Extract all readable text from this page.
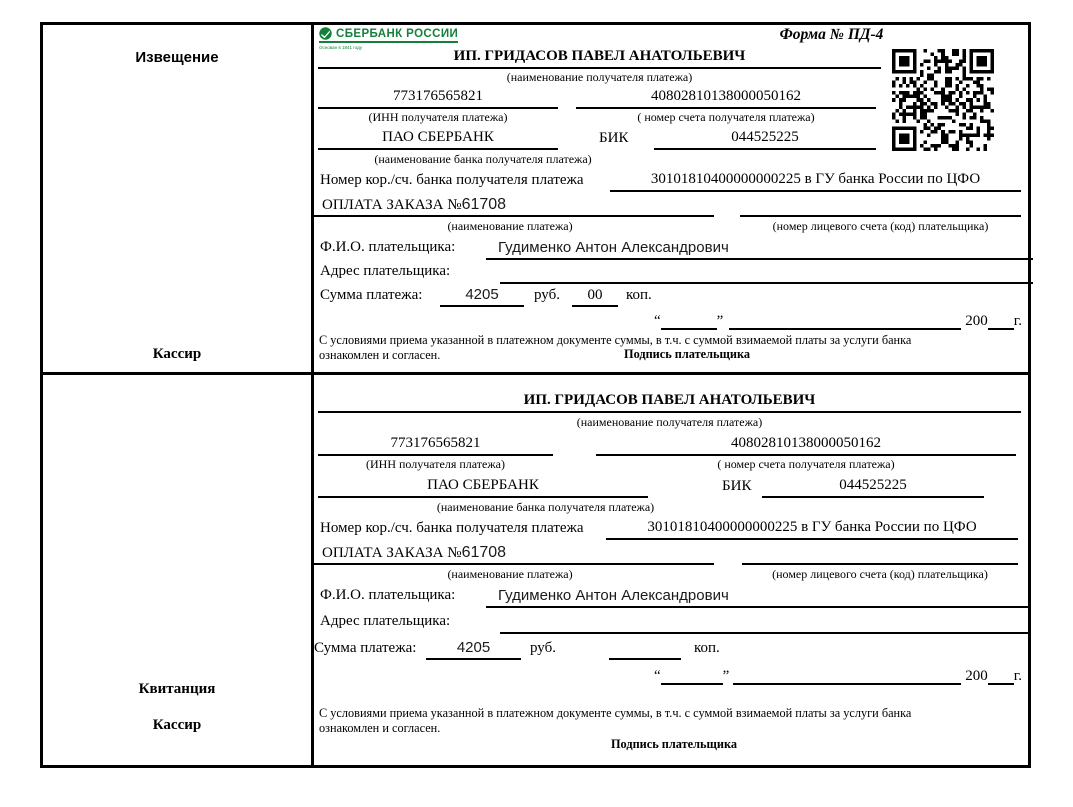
Извещение
Кассир
СБЕРБАНК РОССИИ
Основан в 1841 году
Форма № ПД-4
ИП. ГРИДАСОВ ПАВЕЛ АНАТОЛЬЕВИЧ
(наименование получателя платежа)
773176565821	40802810138000050162
(ИНН получателя платежа)	( номер счета получателя платежа)
ПАО СБЕРБАНК	БИК	044525225
(наименование банка получателя платежа)
Номер кор./сч. банка получателя платежа	30101810400000000225 в ГУ банка России по ЦФО
ОПЛАТА ЗАКАЗА №61708
(наименование платежа)	(номер лицевого счета (код) плательщика)
Ф.И.О. плательщика:	Гудименко Антон Александрович
Адрес плательщика:
Сумма платежа:	4205	руб.	00	коп.
“	”	200 г.
С условиями приема указанной в платежном документе суммы, в т.ч. с суммой взимаемой платы за услуги банка
ознакомлен и согласен.	Подпись плательщика
Квитанция
Кассир
ИП. ГРИДАСОВ ПАВЕЛ АНАТОЛЬЕВИЧ
(наименование получателя платежа)
773176565821	40802810138000050162
(ИНН получателя платежа)	( номер счета получателя платежа)
ПАО СБЕРБАНК	БИК	044525225
(наименование банка получателя платежа)
Номер кор./сч. банка получателя платежа	30101810400000000225 в ГУ банка России по ЦФО
ОПЛАТА ЗАКАЗА №61708
(наименование платежа)	(номер лицевого счета (код) плательщика)
Ф.И.О. плательщика:	Гудименко Антон Александрович
Адрес плательщика:
Сумма платежа:	4205	руб.	коп.
“	”	200 г.
С условиями приема указанной в платежном документе суммы, в т.ч. с суммой взимаемой платы за услуги банка
ознакомлен и согласен.
Подпись плательщика
